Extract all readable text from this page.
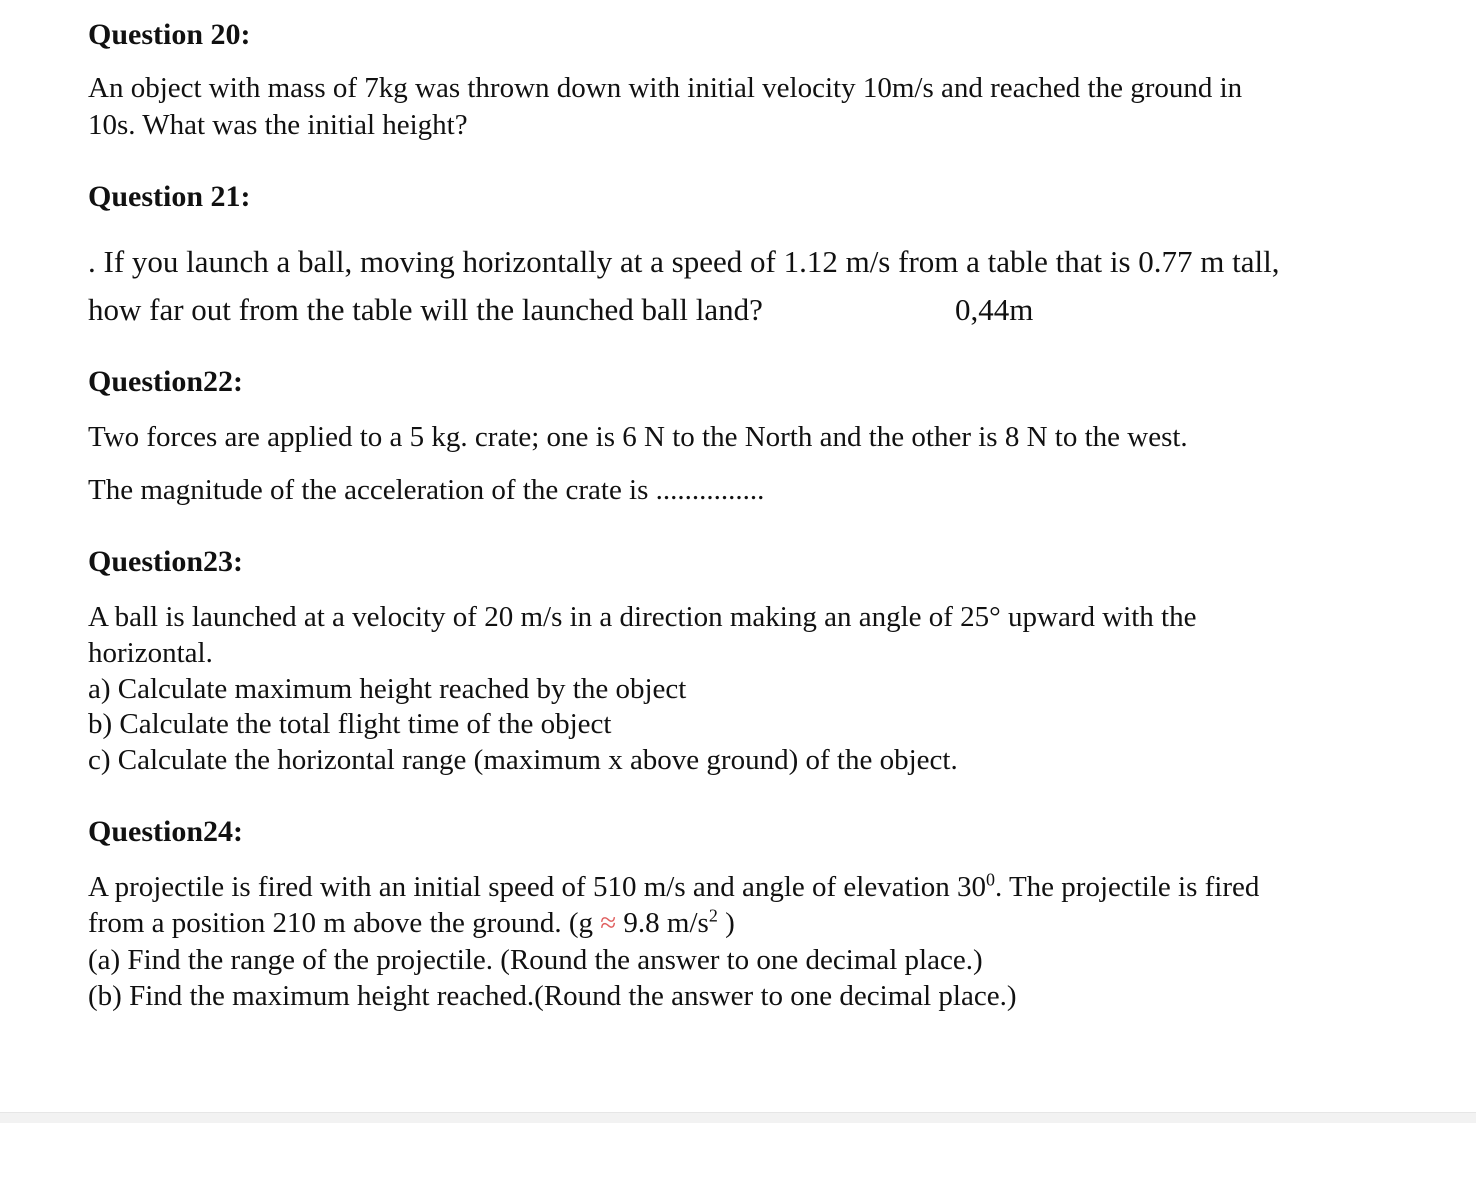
Question 20:
An object with mass of 7kg was thrown down with initial velocity 10m/s and reached the ground in
10s. What was the initial height?
Question 21:
. If you launch a ball, moving horizontally at a speed of 1.12 m/s from a table that is 0.77 m tall,
how far out from the table will the launched ball land?	0,44m
Question22:
Two forces are applied to a 5 kg. crate; one is 6 N to the North and the other is 8 N to the west.
The magnitude of the acceleration of the crate is ...............
Question23:
A ball is launched at a velocity of 20 m/s in a direction making an angle of 25° upward with the
horizontal.
a) Calculate maximum height reached by the object
b) Calculate the total flight time of the object
c) Calculate the horizontal range (maximum x above ground) of the object.
Question24:
A projectile is fired with an initial speed of 510 m/s and angle of elevation $30^0$. The projectile is fired
from a position 210 m above the ground. (g ≈ 9.8 $m/s^2$ )
(a) Find the range of the projectile. (Round the answer to one decimal place.)
(b) Find the maximum height reached.(Round the answer to one decimal place.)
